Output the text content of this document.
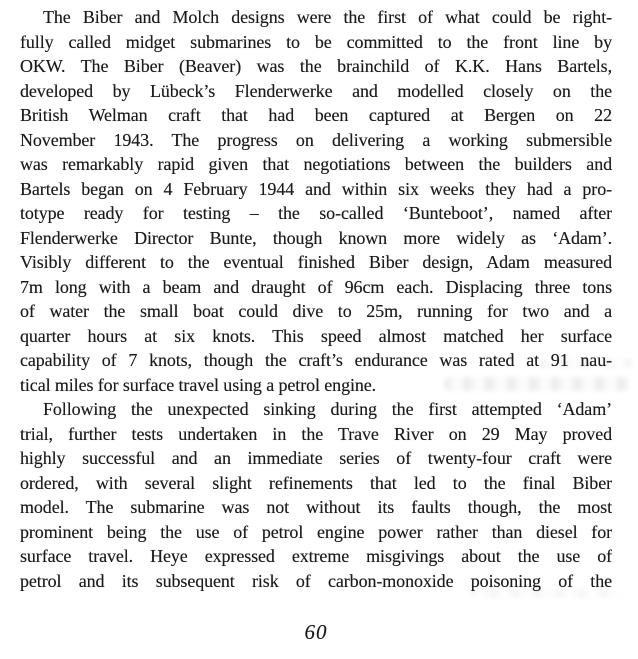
The Biber and Molch designs were the first of what could be right-
fully called midget submarines to be committed to the front line by
OKW. The Biber (Beaver) was the brainchild of K.K. Hans Bartels,
developed by Lübeck’s Flenderwerke and modelled closely on the
British Welman craft that had been captured at Bergen on 22
November 1943. The progress on delivering a working submersible
was remarkably rapid given that negotiations between the builders and
Bartels began on 4 February 1944 and within six weeks they had a pro-
totype ready for testing – the so-called ‘Bunteboot’, named after
Flenderwerke Director Bunte, though known more widely as ‘Adam’.
Visibly different to the eventual finished Biber design, Adam measured
7m long with a beam and draught of 96cm each. Displacing three tons
of water the small boat could dive to 25m, running for two and a
quarter hours at six knots. This speed almost matched her surface
capability of 7 knots, though the craft’s endurance was rated at 91 nau-
tical miles for surface travel using a petrol engine.
Following the unexpected sinking during the first attempted ‘Adam’
trial, further tests undertaken in the Trave River on 29 May proved
highly successful and an immediate series of twenty-four craft were
ordered, with several slight refinements that led to the final Biber
model. The submarine was not without its faults though, the most
prominent being the use of petrol engine power rather than diesel for
surface travel. Heye expressed extreme misgivings about the use of
petrol and its subsequent risk of carbon-monoxide poisoning of the
60
